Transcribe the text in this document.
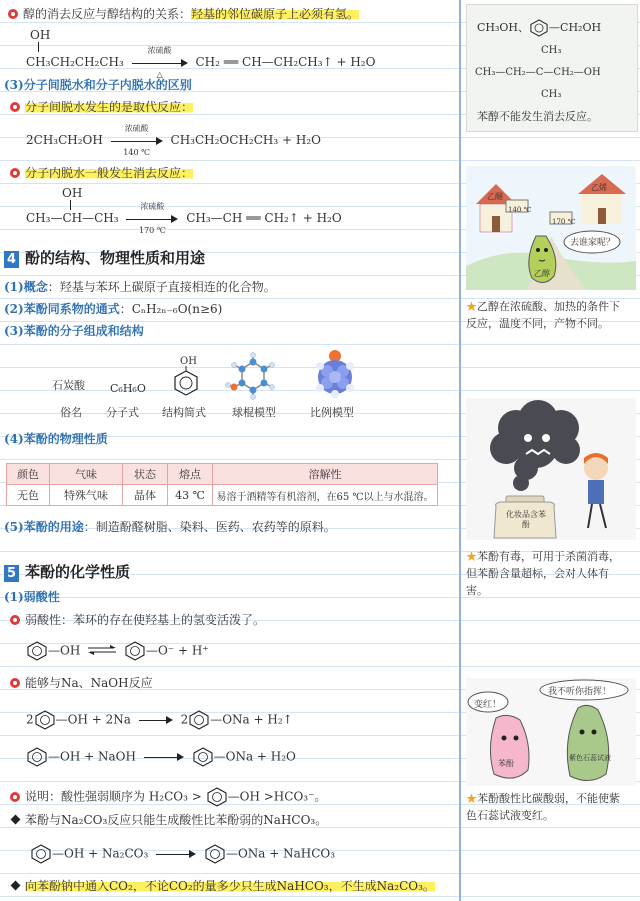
醇的消去反应与醇结构的关系：羟基的邻位碳原子上必须有氢。
OH
CH₃CH₂CH₂CH₃
浓硫酸
△
CH₂ ══ CH—CH₂CH₃↑ + H₂O
(3)分子间脱水和分子内脱水的区别
分子间脱水发生的是取代反应：
2CH₃CH₂OH
浓硫酸
140 ℃
CH₃CH₂OCH₂CH₃ + H₂O
分子内脱水一般发生消去反应：
OH
CH₃—CH—CH₃
浓硫酸
170 ℃
CH₃—CH ══ CH₂↑ + H₂O
4 酚的结构、物理性质和用途
(1)概念：羟基与苯环上碳原子直接相连的化合物。
(2)苯酚同系物的通式：CₙH₂ₙ₋₆O(n≥6)
(3)苯酚的分子组成和结构
石炭酸 C₆H₆O
OH
俗名 分子式 结构简式 球棍模型	比例模型
(4)苯酚的物理性质
颜色	气味	状态	熔点	溶解性
无色	特殊气味	晶体	43 ℃	易溶于酒精等有机溶剂，在65 ℃以上与水混溶。
(5)苯酚的用途：制造酚醛树脂、染料、医药、农药等的原料。
5 苯酚的化学性质
(1)弱酸性
弱酸性：苯环的存在使羟基上的氢变活泼了。
—OH ⇌ —O⁻ + H⁺
能够与Na、NaOH反应
2 —OH + 2Na	2 —ONa + H₂↑
—OH + NaOH	—ONa + H₂O
说明：酸性强弱顺序为 H₂CO₃ > —OH >HCO₃⁻。
苯酚与Na₂CO₃反应只能生成酸性比苯酚弱的NaHCO₃。
—OH + Na₂CO₃	—ONa + NaHCO₃
向苯酚钠中通入CO₂，不论CO₂的量多少只生成NaHCO₃，不生成Na₂CO₃。
CH₃OH、 —CH₂OH
CH₃
CH₃—CH₂—C—CH₂—OH
CH₃
苯醇不能发生消去反应。
乙醚
140 ℃
乙烯
170 ℃
去谁家呢？
乙醇
★乙醇在浓硫酸、加热的条件下反应，温度不同，产物不同。
化妆品含苯酚
★苯酚有毒，可用于杀菌消毒，但苯酚含量超标，会对人体有害。
变红！
我不听你指挥！
苯酚
紫色石蕊试液
★苯酚酸性比碳酸弱，不能使紫色石蕊试液变红。
